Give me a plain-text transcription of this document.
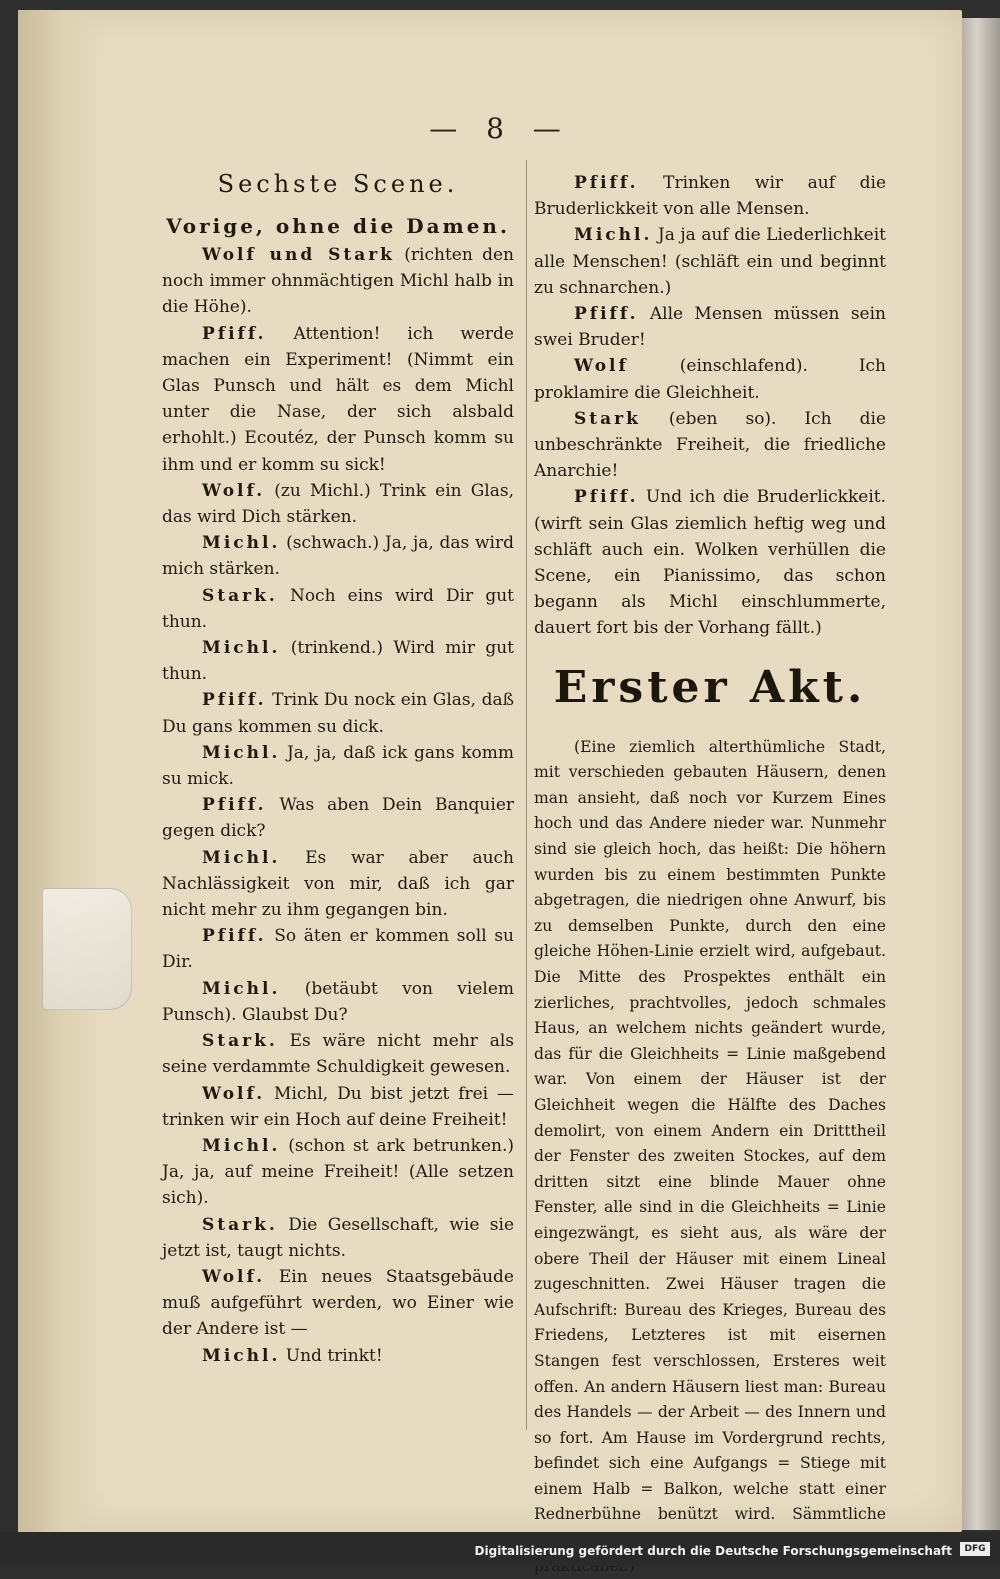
— 8 —
Sechste Scene.
Vorige, ohne die Damen.

Wolf und Stark (richten den noch immer ohnmächtigen Michl halb in die Höhe).

Pfiff. Attention! ich werde machen ein Experiment! (Nimmt ein Glas Punsch und hält es dem Michl unter die Nase, der sich alsbald erhohlt.) Ecoutéz, der Punsch komm su ihm und er komm su sick!

Wolf. (zu Michl.) Trink ein Glas, das wird Dich stärken.

Michl. (schwach.) Ja, ja, das wird mich stärken.

Stark. Noch eins wird Dir gut thun.

Michl. (trinkend.) Wird mir gut thun.

Pfiff. Trink Du nock ein Glas, daß Du gans kommen su dick.

Michl. Ja, ja, daß ick gans komm su mick.

Pfiff. Was aben Dein Banquier gegen dick?

Michl. Es war aber auch Nachlässigkeit von mir, daß ich gar nicht mehr zu ihm gegangen bin.

Pfiff. So äten er kommen soll su Dir.

Michl. (betäubt von vielem Punsch). Glaubst Du?

Stark. Es wäre nicht mehr als seine verdammte Schuldigkeit gewesen.

Wolf. Michl, Du bist jetzt frei — trinken wir ein Hoch auf deine Freiheit!

Michl. (schon st ark betrunken.) Ja, ja, auf meine Freiheit! (Alle setzen sich).

Stark. Die Gesellschaft, wie sie jetzt ist, taugt nichts.

Wolf. Ein neues Staatsgebäude muß aufgeführt werden, wo Einer wie der Andere ist —

Michl. Und trinkt!

Pfiff. Trinken wir auf die Bruderlickkeit von alle Mensen.

Michl. Ja ja auf die Liederlichkeit alle Menschen! (schläft ein und beginnt zu schnarchen.)

Pfiff. Alle Mensen müssen sein swei Bruder!

Wolf	(einschlafend). Ich proklamire die Gleichheit.

Stark (eben so). Ich die unbeschränkte Freiheit, die friedliche Anarchie!

Pfiff. Und ich die Bruderlickkeit. (wirft sein Glas ziemlich heftig weg und schläft auch ein. Wolken verhüllen die Scene, ein Pianissimo, das schon begann als Michl einschlummerte, dauert fort bis der Vorhang fällt.)

Erster Akt.

(Eine ziemlich alterthümliche Stadt, mit verschieden gebauten Häusern, denen man ansieht, daß noch vor Kurzem Eines hoch und das Andere nieder war. Nunmehr sind sie gleich hoch, das heißt: Die höhern wurden bis zu einem bestimmten Punkte abgetragen, die niedrigen ohne Anwurf, bis zu demselben Punkte, durch den eine gleiche Höhen-Linie erzielt wird, aufgebaut. Die Mitte des Prospektes enthält ein zierliches, prachtvolles, jedoch schmales Haus, an welchem nichts geändert wurde, das für die Gleichheits = Linie maßgebend war. Von einem der Häuser ist der Gleichheit wegen die Hälfte des Daches demolirt, von einem Andern ein Dritttheil der Fenster des zweiten Stockes, auf dem dritten sitzt eine blinde Mauer ohne Fenster, alle sind in die Gleichheits = Linie eingezwängt, es sieht aus, als wäre der obere Theil der Häuser mit einem Lineal zugeschnitten. Zwei Häuser tragen die Aufschrift: Bureau des Krieges, Bureau des Friedens, Letzteres ist mit eisernen Stangen fest verschlossen, Ersteres weit offen. An andern Häusern liest man: Bureau des Handels — der Arbeit — des Innern und so fort. Am Hause im Vordergrund rechts, befindet sich eine Aufgangs = Stiege mit einem Halb = Balkon, welche statt einer Rednerbühne benützt wird. Sämmtliche

Digitalisierung gefördert durch die Deutsche Forschungsgemeinschaft	DFG
